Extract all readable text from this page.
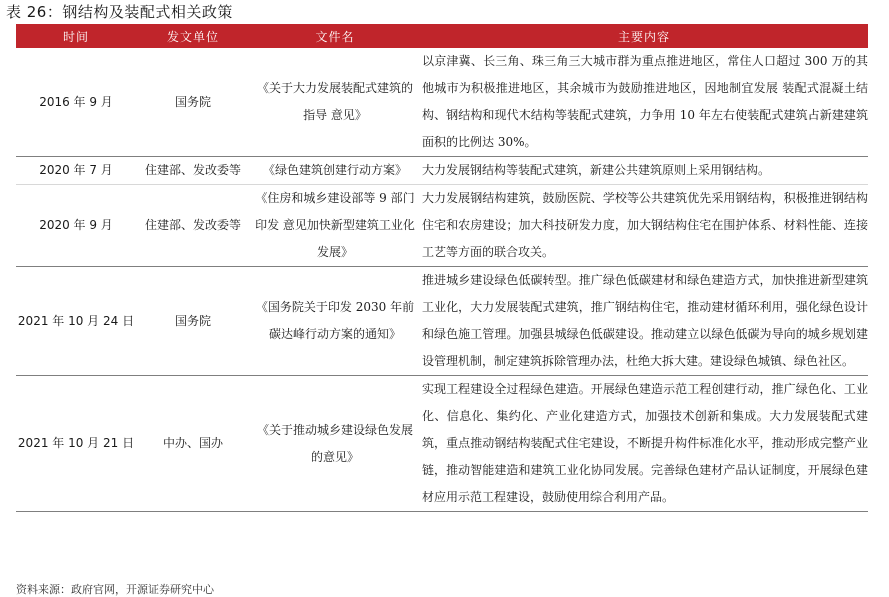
表 26：钢结构及装配式相关政策
时间	发文单位	文件名	主要内容
2016 年 9 月	国务院	《关于大力发展装配式建筑的指导 意见》	以京津冀、长三角、珠三角三大城市群为重点推进地区，常住人口超过 300 万的其他城市为积极推进地区，其余城市为鼓励推进地区，因地制宜发展 装配式混凝土结构、钢结构和现代木结构等装配式建筑，力争用 10 年左右使装配式建筑占新建建筑面积的比例达 30%。
2020 年 7 月	住建部、发改委等	《绿色建筑创建行动方案》	大力发展钢结构等装配式建筑，新建公共建筑原则上采用钢结构。
2020 年 9 月	住建部、发改委等	《住房和城乡建设部等 9 部门印发 意见加快新型建筑工业化发展》	大力发展钢结构建筑，鼓励医院、学校等公共建筑优先采用钢结构，积极推进钢结构住宅和农房建设；加大科技研发力度，加大钢结构住宅在围护体系、材料性能、连接工艺等方面的联合攻关。
2021 年 10 月 24 日	国务院	《国务院关于印发 2030 年前碳达峰行动方案的通知》	推进城乡建设绿色低碳转型。推广绿色低碳建材和绿色建造方式，加快推进新型建筑工业化，大力发展装配式建筑，推广钢结构住宅，推动建材循环利用，强化绿色设计和绿色施工管理。加强县城绿色低碳建设。推动建立以绿色低碳为导向的城乡规划建设管理机制，制定建筑拆除管理办法，杜绝大拆大建。建设绿色城镇、绿色社区。
2021 年 10 月 21 日	中办、国办	《关于推动城乡建设绿色发展的意见》	实现工程建设全过程绿色建造。开展绿色建造示范工程创建行动，推广绿色化、工业化、信息化、集约化、产业化建造方式，加强技术创新和集成。大力发展装配式建筑，重点推动钢结构装配式住宅建设，不断提升构件标准化水平，推动形成完整产业链，推动智能建造和建筑工业化协同发展。完善绿色建材产品认证制度，开展绿色建材应用示范工程建设，鼓励使用综合利用产品。
资料来源：政府官网，开源证券研究中心
